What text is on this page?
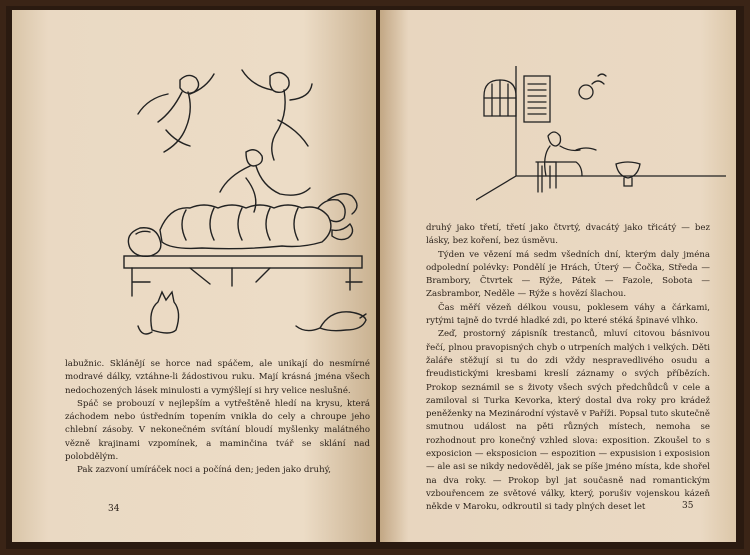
labužnic. Sklánějí se horce nad spáčem, ale unikají do nesmírné modravé dálky, vztáhne-li žádostivou ruku. Mají krásná jména všech nedochozených lásek minulosti a vymýšlejí si hry velice neslušné.

Spáč se probouzí v nejlepším a vytřeštěně hledí na krysu, která záchodem nebo ústředním topením vnikla do cely a chroupe jeho chlební zásoby. V nekonečném svítání bloudí myšlenky malátného vězně krajinami vzpomínek, a maminčina tvář se sklání nad polobdělým.

Pak zazvoní umíráček noci a počíná den; jeden jako druhý,

34

druhý jako třetí, třetí jako čtvrtý, dvacátý jako třicátý — bez lásky, bez koření, bez úsměvu.

Týden ve vězení má sedm všedních dní, kterým daly jména odpolední polévky: Pondělí je Hrách, Úterý — Čočka, Středa — Brambory, Čtvrtek — Rýže, Pátek — Fazole, Sobota — Zasbrambor, Neděle — Rýže s hovězí šlachou.

Čas měří vězeň délkou vousu, poklesem váhy a čárkami, rytými tajně do tvrdé hladké zdi, po které stéká špinavé vlhko.

Zeď, prostorný zápisník trestanců, mluví citovou básnivou řečí, plnou pravopisných chyb o utrpeních malých i velkých. Děti žaláře stěžují si tu do zdi vždy nespravedlivého osudu a freudistickými kresbami kreslí záznamy o svých příbězích. Prokop seznámil se s životy všech svých předchůdců v cele a zamiloval si Turka Kevorka, který dostal dva roky pro krádež peněženky na Mezinárodní výstavě v Paříži. Popsal tuto skutečně smutnou událost na pěti různých místech, nemoha se rozhodnout pro konečný vzhled slova: exposition. Zkoušel to s exposicion — eksposicion — espozition — expusision i exposision — ale asi se nikdy nedověděl, jak se píše jméno místa, kde shořel na dva roky. — Prokop byl jat současně nad romantickým vzbouřencem ze světové války, který, porušiv vojenskou kázeň někde v Maroku, odkroutil si tady plných deset let	35
